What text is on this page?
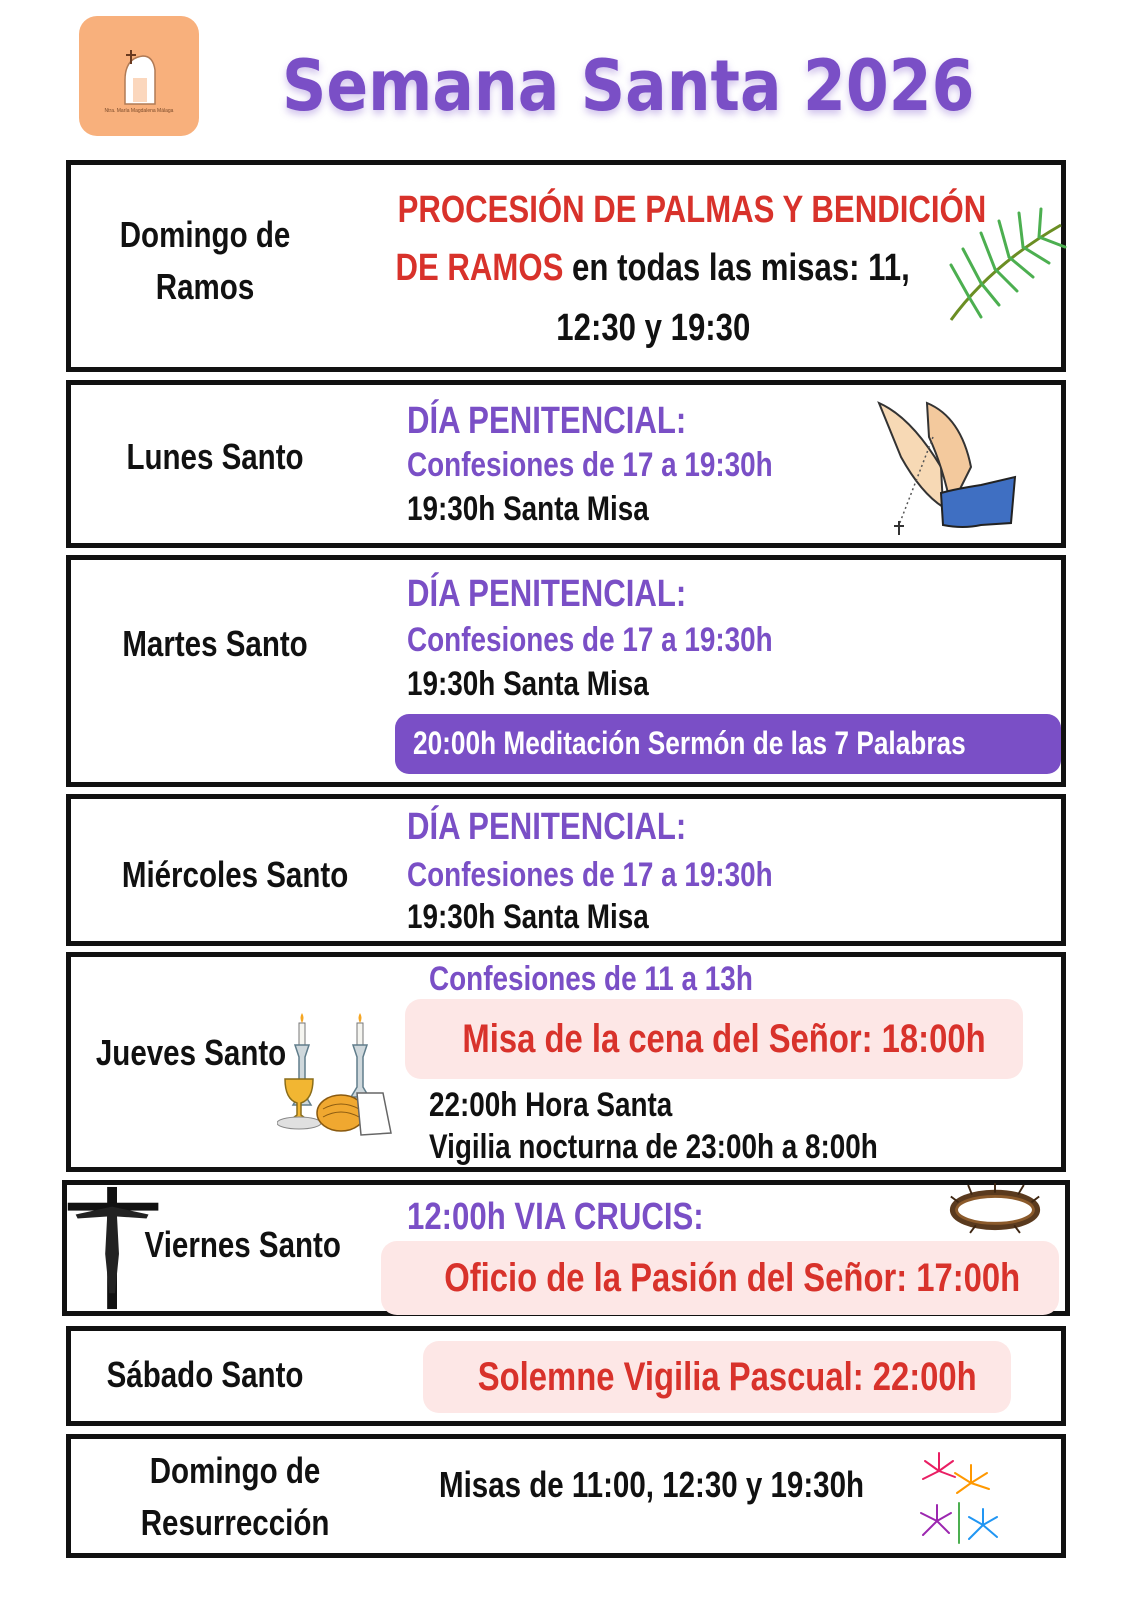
Ntra. María Magdalena Málaga Semana Santa 2026
Domingo de
Ramos
PROCESIÓN DE PALMAS Y BENDICIÓN
DE RAMOS en todas las misas: 11,
12:30 y 19:30
Lunes Santo
DÍA PENITENCIAL:
Confesiones de 17 a 19:30h
19:30h Santa Misa
Martes Santo
DÍA PENITENCIAL:
Confesiones de 17 a 19:30h
19:30h Santa Misa
20:00h Meditación Sermón de las 7 Palabras
Miércoles Santo
DÍA PENITENCIAL:
Confesiones de 17 a 19:30h
19:30h Santa Misa
Jueves Santo
Confesiones de 11 a 13h
Misa de la cena del Señor: 18:00h
22:00h Hora Santa
Vigilia nocturna de 23:00h a 8:00h
Viernes Santo
12:00h VIA CRUCIS:
Oficio de la Pasión del Señor: 17:00h
Sábado Santo	Solemne Vigilia Pascual: 22:00h
Domingo de
Resurrección
Misas de 11:00, 12:30 y 19:30h
